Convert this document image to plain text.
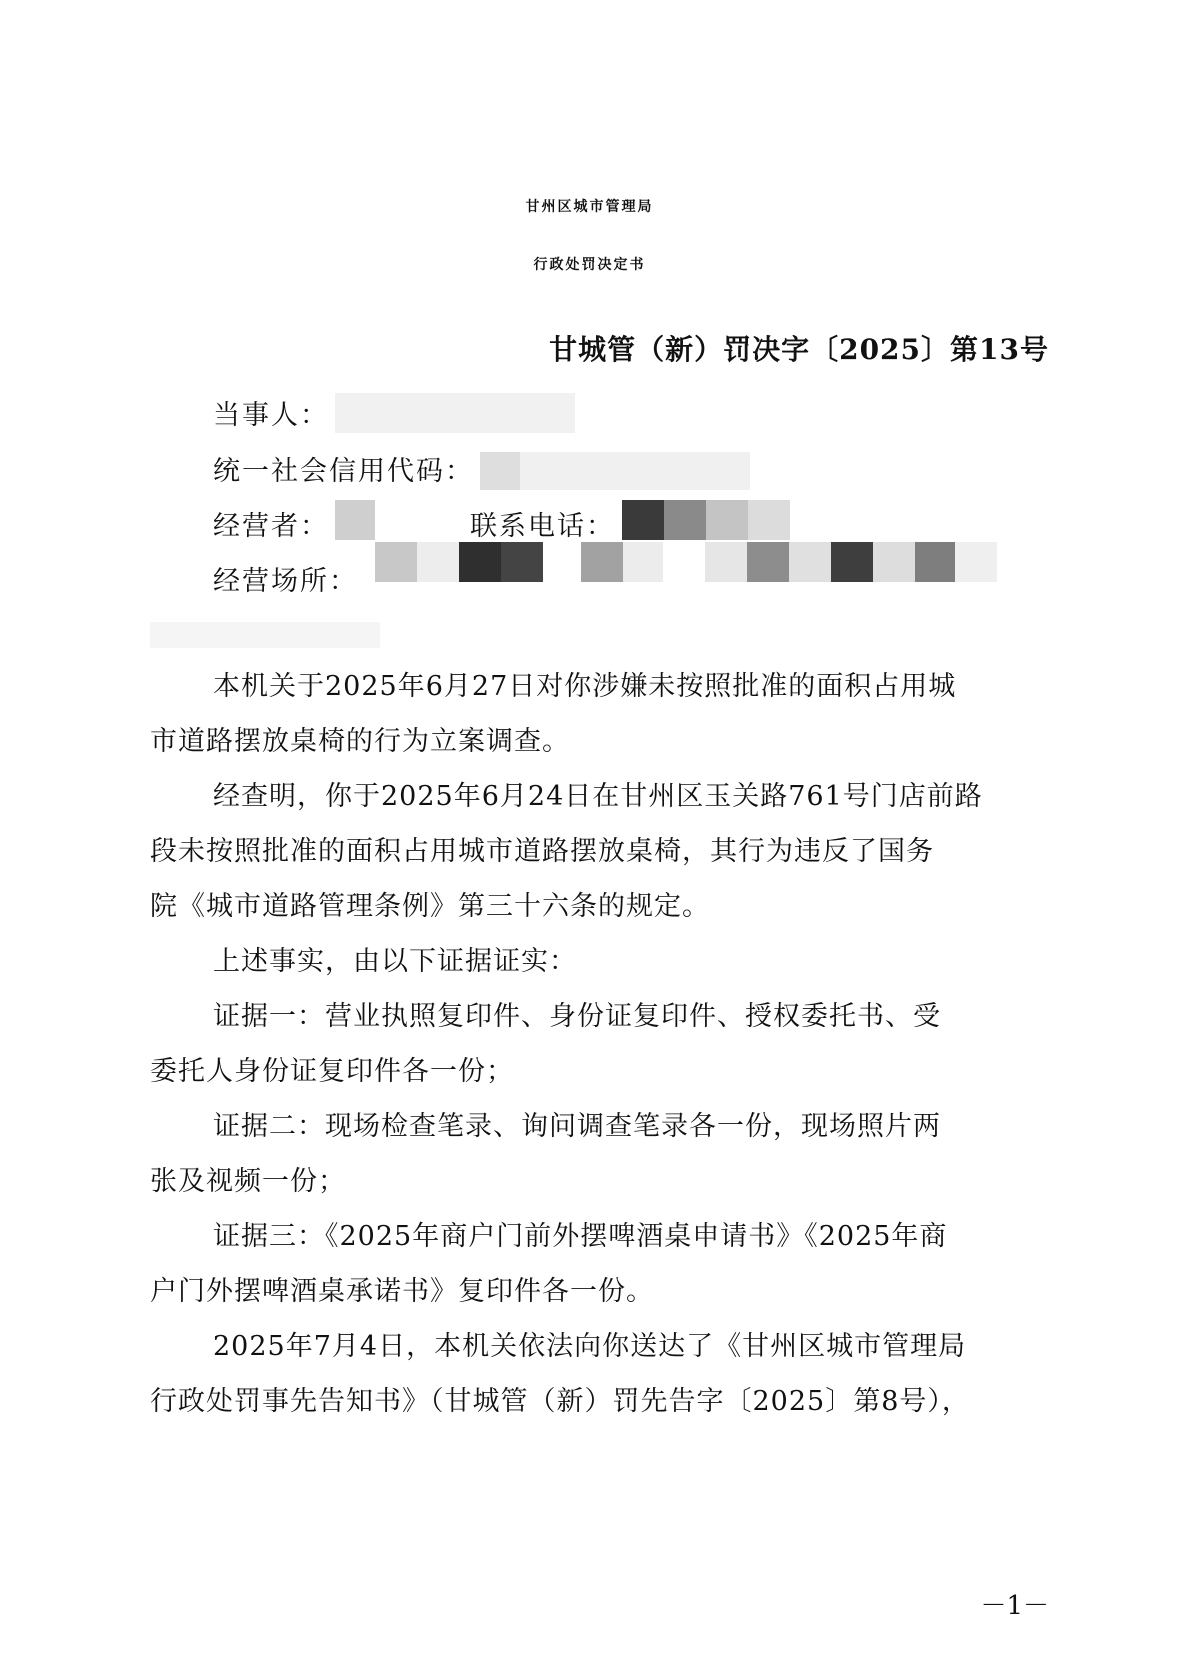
甘州区城市管理局
行政处罚决定书
甘城管（新）罚决字〔2025〕第13号
当事人：
统一社会信用代码：
经营者：	联系电话：
经营场所：
本机关于2025年6月27日对你涉嫌未按照批准的面积占用城
市道路摆放桌椅的行为立案调查。
经查明，你于2025年6月24日在甘州区玉关路761号门店前路
段未按照批准的面积占用城市道路摆放桌椅，其行为违反了国务
院《城市道路管理条例》第三十六条的规定。
上述事实，由以下证据证实：
证据一：营业执照复印件、身份证复印件、授权委托书、受
委托人身份证复印件各一份；
证据二：现场检查笔录、询问调查笔录各一份，现场照片两
张及视频一份；
证据三：《2025年商户门前外摆啤酒桌申请书》《2025年商
户门外摆啤酒桌承诺书》复印件各一份。
2025年7月4日，本机关依法向你送达了《甘州区城市管理局
行政处罚事先告知书》（甘城管（新）罚先告字〔2025〕第8号），
－1－
